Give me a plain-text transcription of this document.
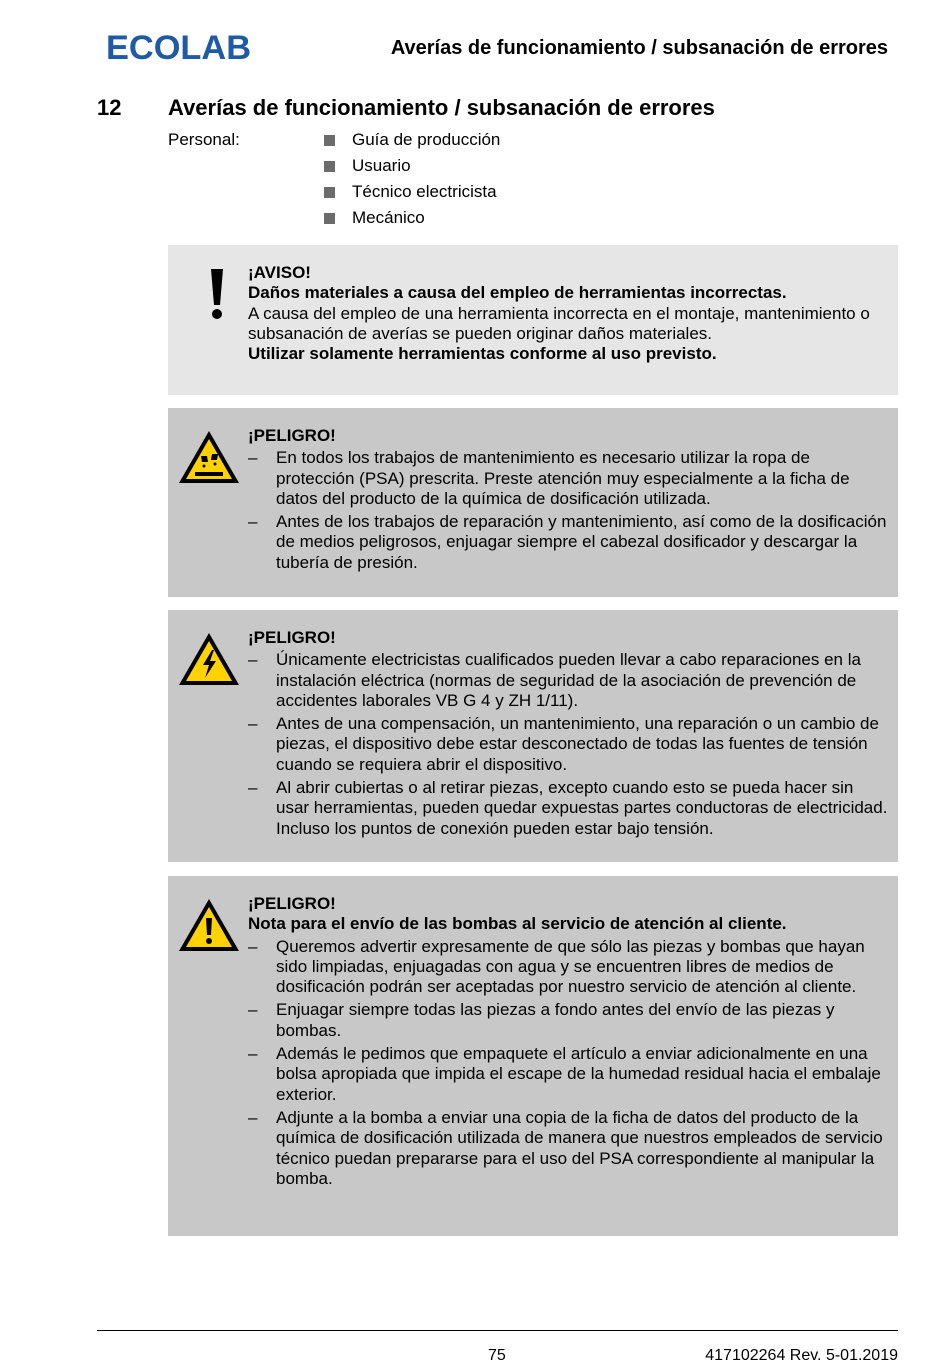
ECOLAB	Averías de funcionamiento / subsanación de errores
12 Averías de funcionamiento / subsanación de errores
Personal:	Guía de producción
Usuario
Técnico electricista
Mecánico
¡AVISO!
Daños materiales a causa del empleo de herramientas incorrectas.
A causa del empleo de una herramienta incorrecta en el montaje, mantenimiento o subsanación de averías se pueden originar daños materiales.
Utilizar solamente herramientas conforme al uso previsto.
¡PELIGRO!
– En todos los trabajos de mantenimiento es necesario utilizar la ropa de protección (PSA) prescrita. Preste atención muy especialmente a la ficha de datos del producto de la química de dosificación utilizada.
– Antes de los trabajos de reparación y mantenimiento, así como de la dosificación de medios peligrosos, enjuagar siempre el cabezal dosificador y descargar la tubería de presión.
¡PELIGRO!
– Únicamente electricistas cualificados pueden llevar a cabo reparaciones en la instalación eléctrica (normas de seguridad de la asociación de prevención de accidentes laborales VB G 4 y ZH 1/11).
– Antes de una compensación, un mantenimiento, una reparación o un cambio de piezas, el dispositivo debe estar desconectado de todas las fuentes de tensión cuando se requiera abrir el dispositivo.
– Al abrir cubiertas o al retirar piezas, excepto cuando esto se pueda hacer sin usar herramientas, pueden quedar expuestas partes conductoras de electricidad. Incluso los puntos de conexión pueden estar bajo tensión.
¡PELIGRO!
Nota para el envío de las bombas al servicio de atención al cliente.
– Queremos advertir expresamente de que sólo las piezas y bombas que hayan sido limpiadas, enjuagadas con agua y se encuentren libres de medios de dosificación podrán ser aceptadas por nuestro servicio de atención al cliente.
– Enjuagar siempre todas las piezas a fondo antes del envío de las piezas y bombas.
– Además le pedimos que empaquete el artículo a enviar adicionalmente en una bolsa apropiada que impida el escape de la humedad residual hacia el embalaje exterior.
– Adjunte a la bomba a enviar una copia de la ficha de datos del producto de la química de dosificación utilizada de manera que nuestros empleados de servicio técnico puedan prepararse para el uso del PSA correspondiente al manipular la bomba.
75	417102264 Rev. 5-01.2019
